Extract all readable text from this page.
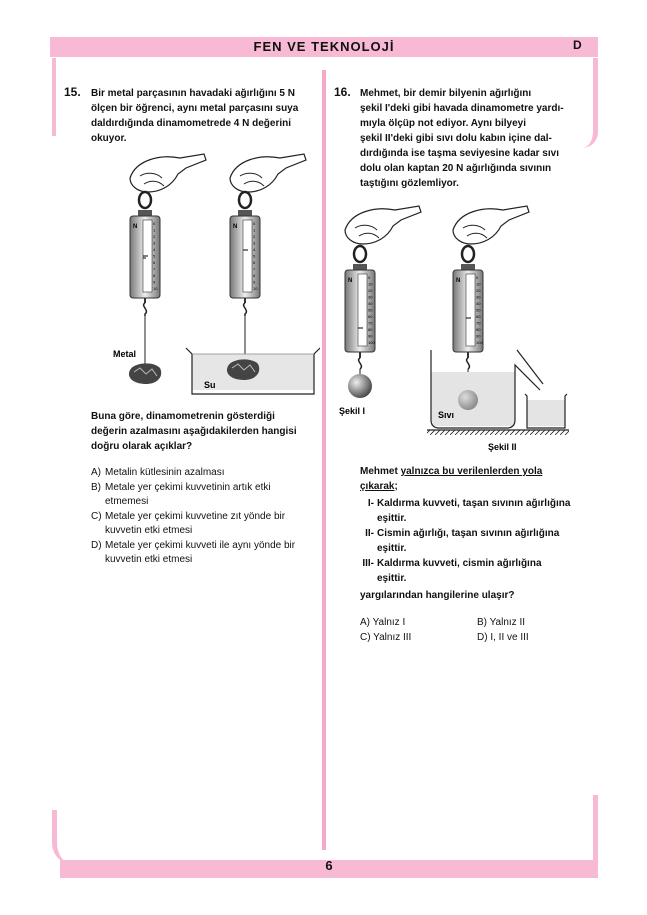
FEN VE TEKNOLOJİ	D
6
15. Bir metal parçasının havadaki ağırlığını 5 N
ölçen bir öğrenci, aynı metal parçasını suya
daldırdığında dinamometrede 4 N değerini
okuyor.
N
0
1
2
3
4
5
6
7
8
9
10
Metal
N
0
1
2
3
4
5
6
7
8
9
10
Su
Buna göre, dinamometrenin gösterdiği
değerin azalmasını aşağıdakilerden hangisi
doğru olarak açıklar?
A) Metalin kütlesinin azalması
B) Metale yer çekimi kuvvetinin artık etki
etmemesi
C) Metale yer çekimi kuvvetine zıt yönde bir
kuvvetin etki etmesi
D) Metale yer çekimi kuvveti ile aynı yönde bir
kuvvetin etki etmesi
16. Mehmet, bir demir bilyenin ağırlığını
şekil I'deki gibi havada dinamometre yardı-
mıyla ölçüp not ediyor. Aynı bilyeyi
şekil II'deki gibi sıvı dolu kabın içine dal-
dırdığında ise taşma seviyesine kadar sıvı
dolu olan kaptan 20 N ağırlığında sıvının
taştığını gözlemliyor.
N
0
10
20
30
40
50
60
70
80
90
100
Şekil I
N
0
10
20
30
40
50
60
70
80
90
100
Sıvı
Şekil II
Mehmet yalnızca bu verilenlerden yola
çıkarak;
I- Kaldırma kuvveti, taşan sıvının ağırlığına
eşittir.
II- Cismin ağırlığı, taşan sıvının ağırlığına
eşittir.
III- Kaldırma kuvveti, cismin ağırlığına
eşittir.
yargılarından hangilerine ulaşır?
A) Yalnız I	B) Yalnız II
C) Yalnız III	D) I, II ve III
